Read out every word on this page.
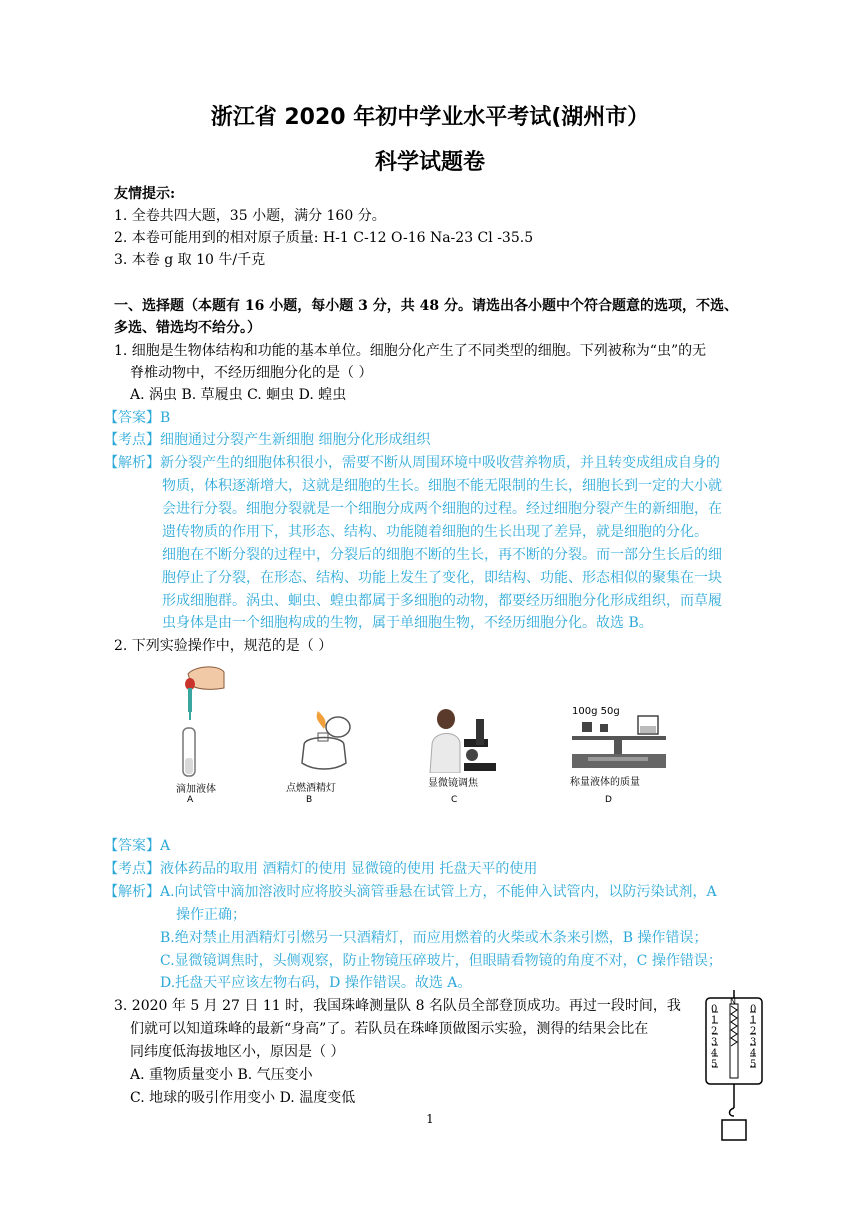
浙江省 2020 年初中学业水平考试(湖州市）
科学试题卷
友情提示:
1. 全卷共四大题，35 小题，满分 160 分。
2. 本卷可能用到的相对原子质量: H-1 C-12 O-16 Na-23 Cl -35.5
3. 本卷 g 取 10 牛/千克
一、选择题（本题有 16 小题，每小题 3 分，共 48 分。请选出各小题中个符合题意的选项，不选、
多选、错选均不给分。）
1. 细胞是生物体结构和功能的基本单位。细胞分化产生了不同类型的细胞。下列被称为“虫”的无
脊椎动物中，不经历细胞分化的是（ ）
A. 涡虫 B. 草履虫 C. 蛔虫 D. 蝗虫
【答案】B
【考点】细胞通过分裂产生新细胞 细胞分化形成组织
【解析】新分裂产生的细胞体积很小，需要不断从周围环境中吸收营养物质，并且转变成组成自身的
物质，体积逐渐增大，这就是细胞的生长。细胞不能无限制的生长，细胞长到一定的大小就
会进行分裂。细胞分裂就是一个细胞分成两个细胞的过程。经过细胞分裂产生的新细胞，在
遗传物质的作用下，其形态、结构、功能随着细胞的生长出现了差异，就是细胞的分化。
细胞在不断分裂的过程中，分裂后的细胞不断的生长，再不断的分裂。而一部分生长后的细
胞停止了分裂，在形态、结构、功能上发生了变化，即结构、功能、形态相似的聚集在一块
形成细胞群。涡虫、蛔虫、蝗虫都属于多细胞的动物，都要经历细胞分化形成组织，而草履
虫身体是由一个细胞构成的生物，属于单细胞生物，不经历细胞分化。故选 B。
2. 下列实验操作中，规范的是（ ）
滴加液体
A
点燃酒精灯
B
显微镜调焦
C
100g 50g
称量液体的质量
D
【答案】A
【考点】液体药品的取用 酒精灯的使用 显微镜的使用 托盘天平的使用
【解析】A.向试管中滴加溶液时应将胶头滴管垂悬在试管上方，不能伸入试管内，以防污染试剂，A
操作正确；
B.绝对禁止用酒精灯引燃另一只酒精灯，而应用燃着的火柴或木条来引燃，B 操作错误；
C.显微镜调焦时，头侧观察，防止物镜压碎玻片，但眼睛看物镜的角度不对，C 操作错误；
D.托盘天平应该左物右码，D 操作错误。故选 A。
3. 2020 年 5 月 27 日 11 时，我国珠峰测量队 8 名队员全部登顶成功。再过一段时间，我
们就可以知道珠峰的最新“身高”了。若队员在珠峰顶做图示实验，测得的结果会比在
同纬度低海拔地区小，原因是（ ）
A. 重物质量变小 B. 气压变小
C. 地球的吸引作用变小 D. 温度变低
N
0
1
2
3
4
5
0
1
2
3
4
5
1
